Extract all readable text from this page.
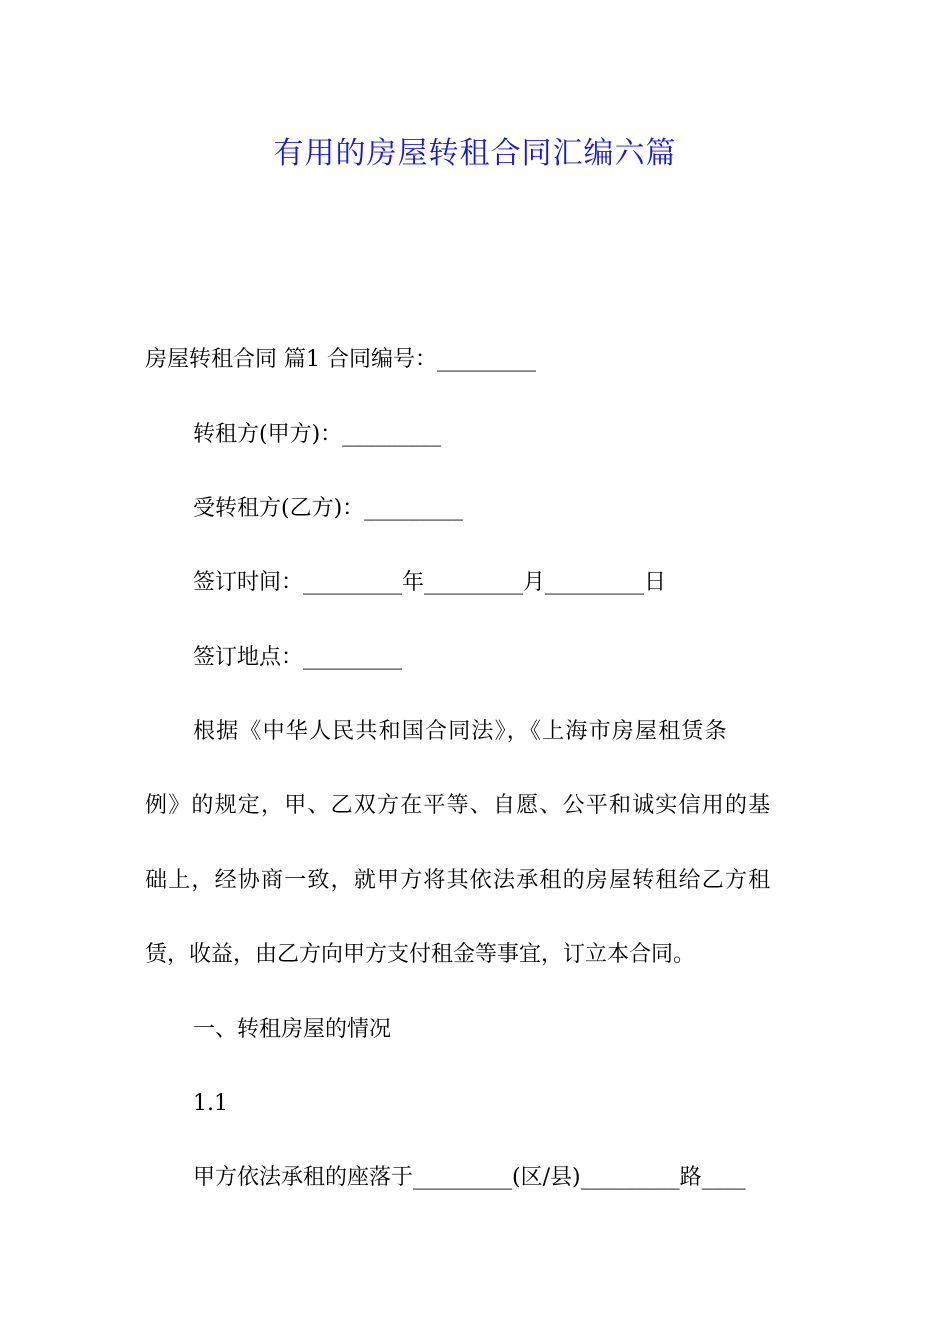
有用的房屋转租合同汇编六篇
房屋转租合同 篇1 合同编号：_________
转租方(甲方)：_________
受转租方(乙方)：_________
签订时间：_________年_________月_________日
签订地点：_________
根据《中华人民共和国合同法》，《上海市房屋租赁条
例》的规定，甲、乙双方在平等、自愿、公平和诚实信用的基
础上，经协商一致，就甲方将其依法承租的房屋转租给乙方租
赁，收益，由乙方向甲方支付租金等事宜，订立本合同。
一、转租房屋的情况
1.1
甲方依法承租的座落于_________(区/县)_________路____
